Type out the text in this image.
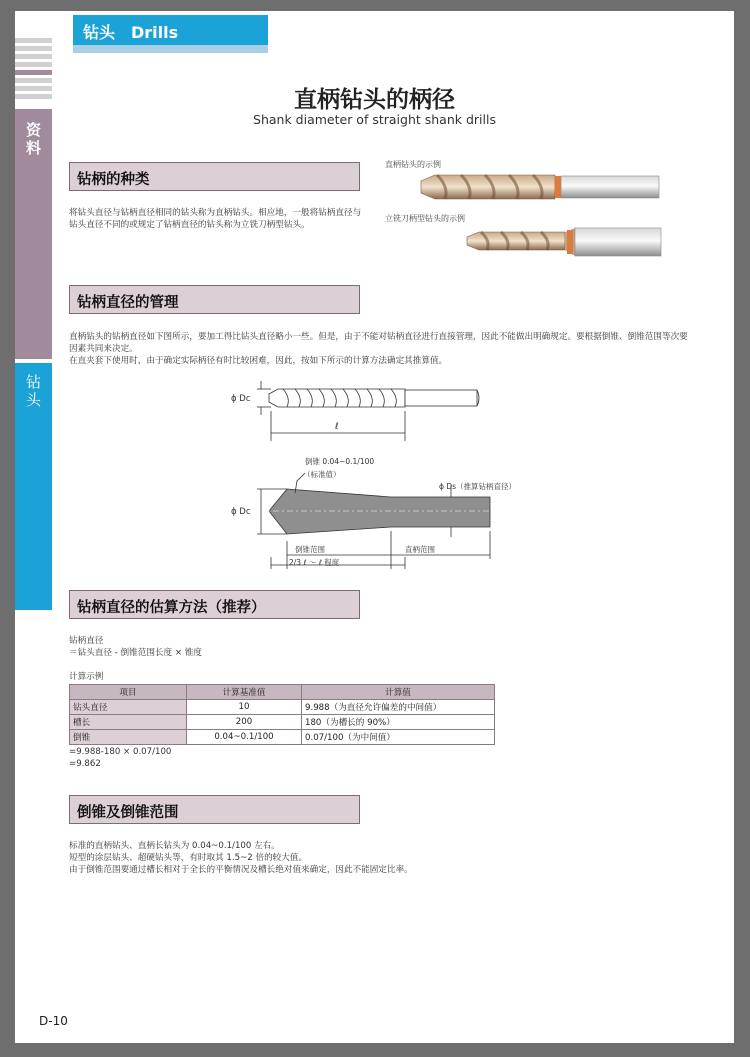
钻头　Drills
资
料
钻
头
直柄钻头的柄径
Shank diameter of straight shank drills
钻柄的种类
将钻头直径与钻柄直径相同的钻头称为直柄钻头。相应地，一般将钻柄直径与钻头直径不同的或规定了钻柄直径的钻头称为立铣刀柄型钻头。
直柄钻头的示例
立铣刀柄型钻头的示例
钻柄直径的管理
直柄钻头的钻柄直径如下图所示，要加工得比钻头直径略小一些。但是，由于不能对钻柄直径进行直接管理，因此不能做出明确规定。要根据倒锥、倒锥范围等次要因素共同来决定。
在直夹套下使用时，由于确定实际柄径有时比较困难，因此，按如下所示的计算方法确定其推算值。
ϕ Dc
ℓ
倒锥 0.04~0.1/100
（标准值）
ϕ Ds（推算钻柄直径）
ϕ Dc
倒锥范围	直柄范围
2/3 ℓ ～ ℓ 程度
钻柄直径的估算方法（推荐）
钻柄直径
＝钻头直径 - 倒锥范围长度 × 锥度
计算示例
项目	计算基准值	计算值
钻头直径	10	9.988（为直径允许偏差的中间值）
槽长	200	180（为槽长的 90%）
倒锥	0.04~0.1/100	0.07/100（为中间值）
=9.988-180 × 0.07/100
=9.862
倒锥及倒锥范围
标准的直柄钻头、直柄长钻头为 0.04~0.1/100 左右。
短型的涂层钻头、超硬钻头等，有时取其 1.5~2 倍的较大值。
由于倒锥范围要通过槽长相对于全长的平衡情况及槽长绝对值来确定，因此不能固定比率。
D-10
